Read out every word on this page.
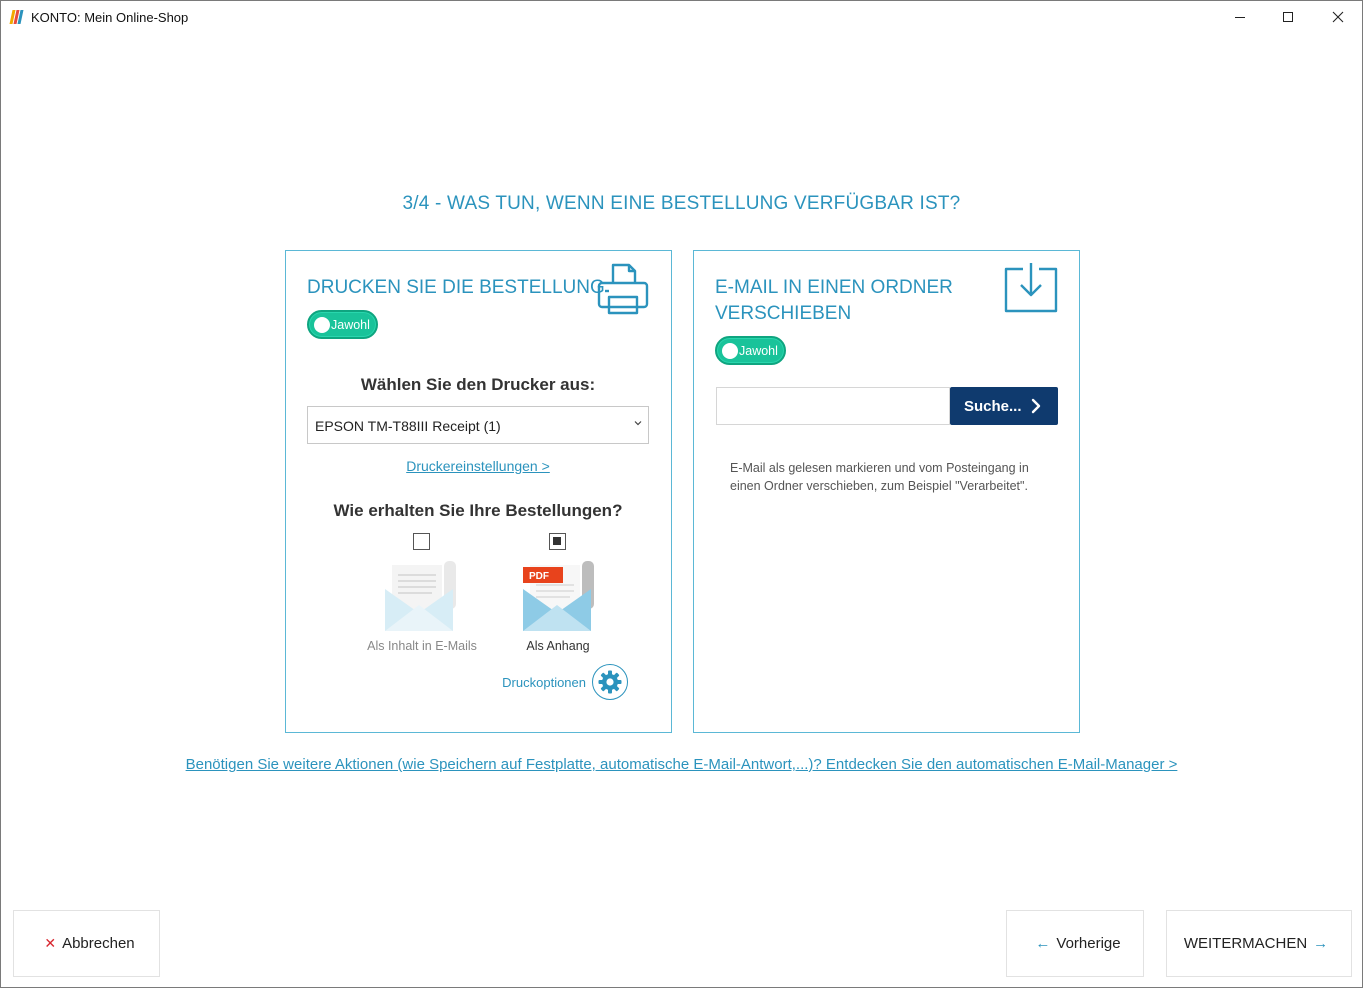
KONTO: Mein Online-Shop
3/4 - WAS TUN, WENN EINE BESTELLUNG VERFÜGBAR IST?
DRUCKEN SIE DIE BESTELLUNG
Jawohl
Wählen Sie den Drucker aus:
EPSON TM-T88III Receipt (1)
Druckereinstellungen >
Wie erhalten Sie Ihre Bestellungen?
Als Inhalt in E-Mails
PDF
Als Anhang
Druckoptionen
E-MAIL IN EINEN ORDNER
VERSCHIEBEN
Jawohl
Suche...
E-Mail als gelesen markieren und vom Posteingang in einen Ordner verschieben, zum Beispiel "Verarbeitet".
Benötigen Sie weitere Aktionen (wie Speichern auf Festplatte, automatische E-Mail-Antwort,...)? Entdecken Sie den automatischen E-Mail-Manager >
✕ Abbrechen	← Vorherige	WEITERMACHEN →
